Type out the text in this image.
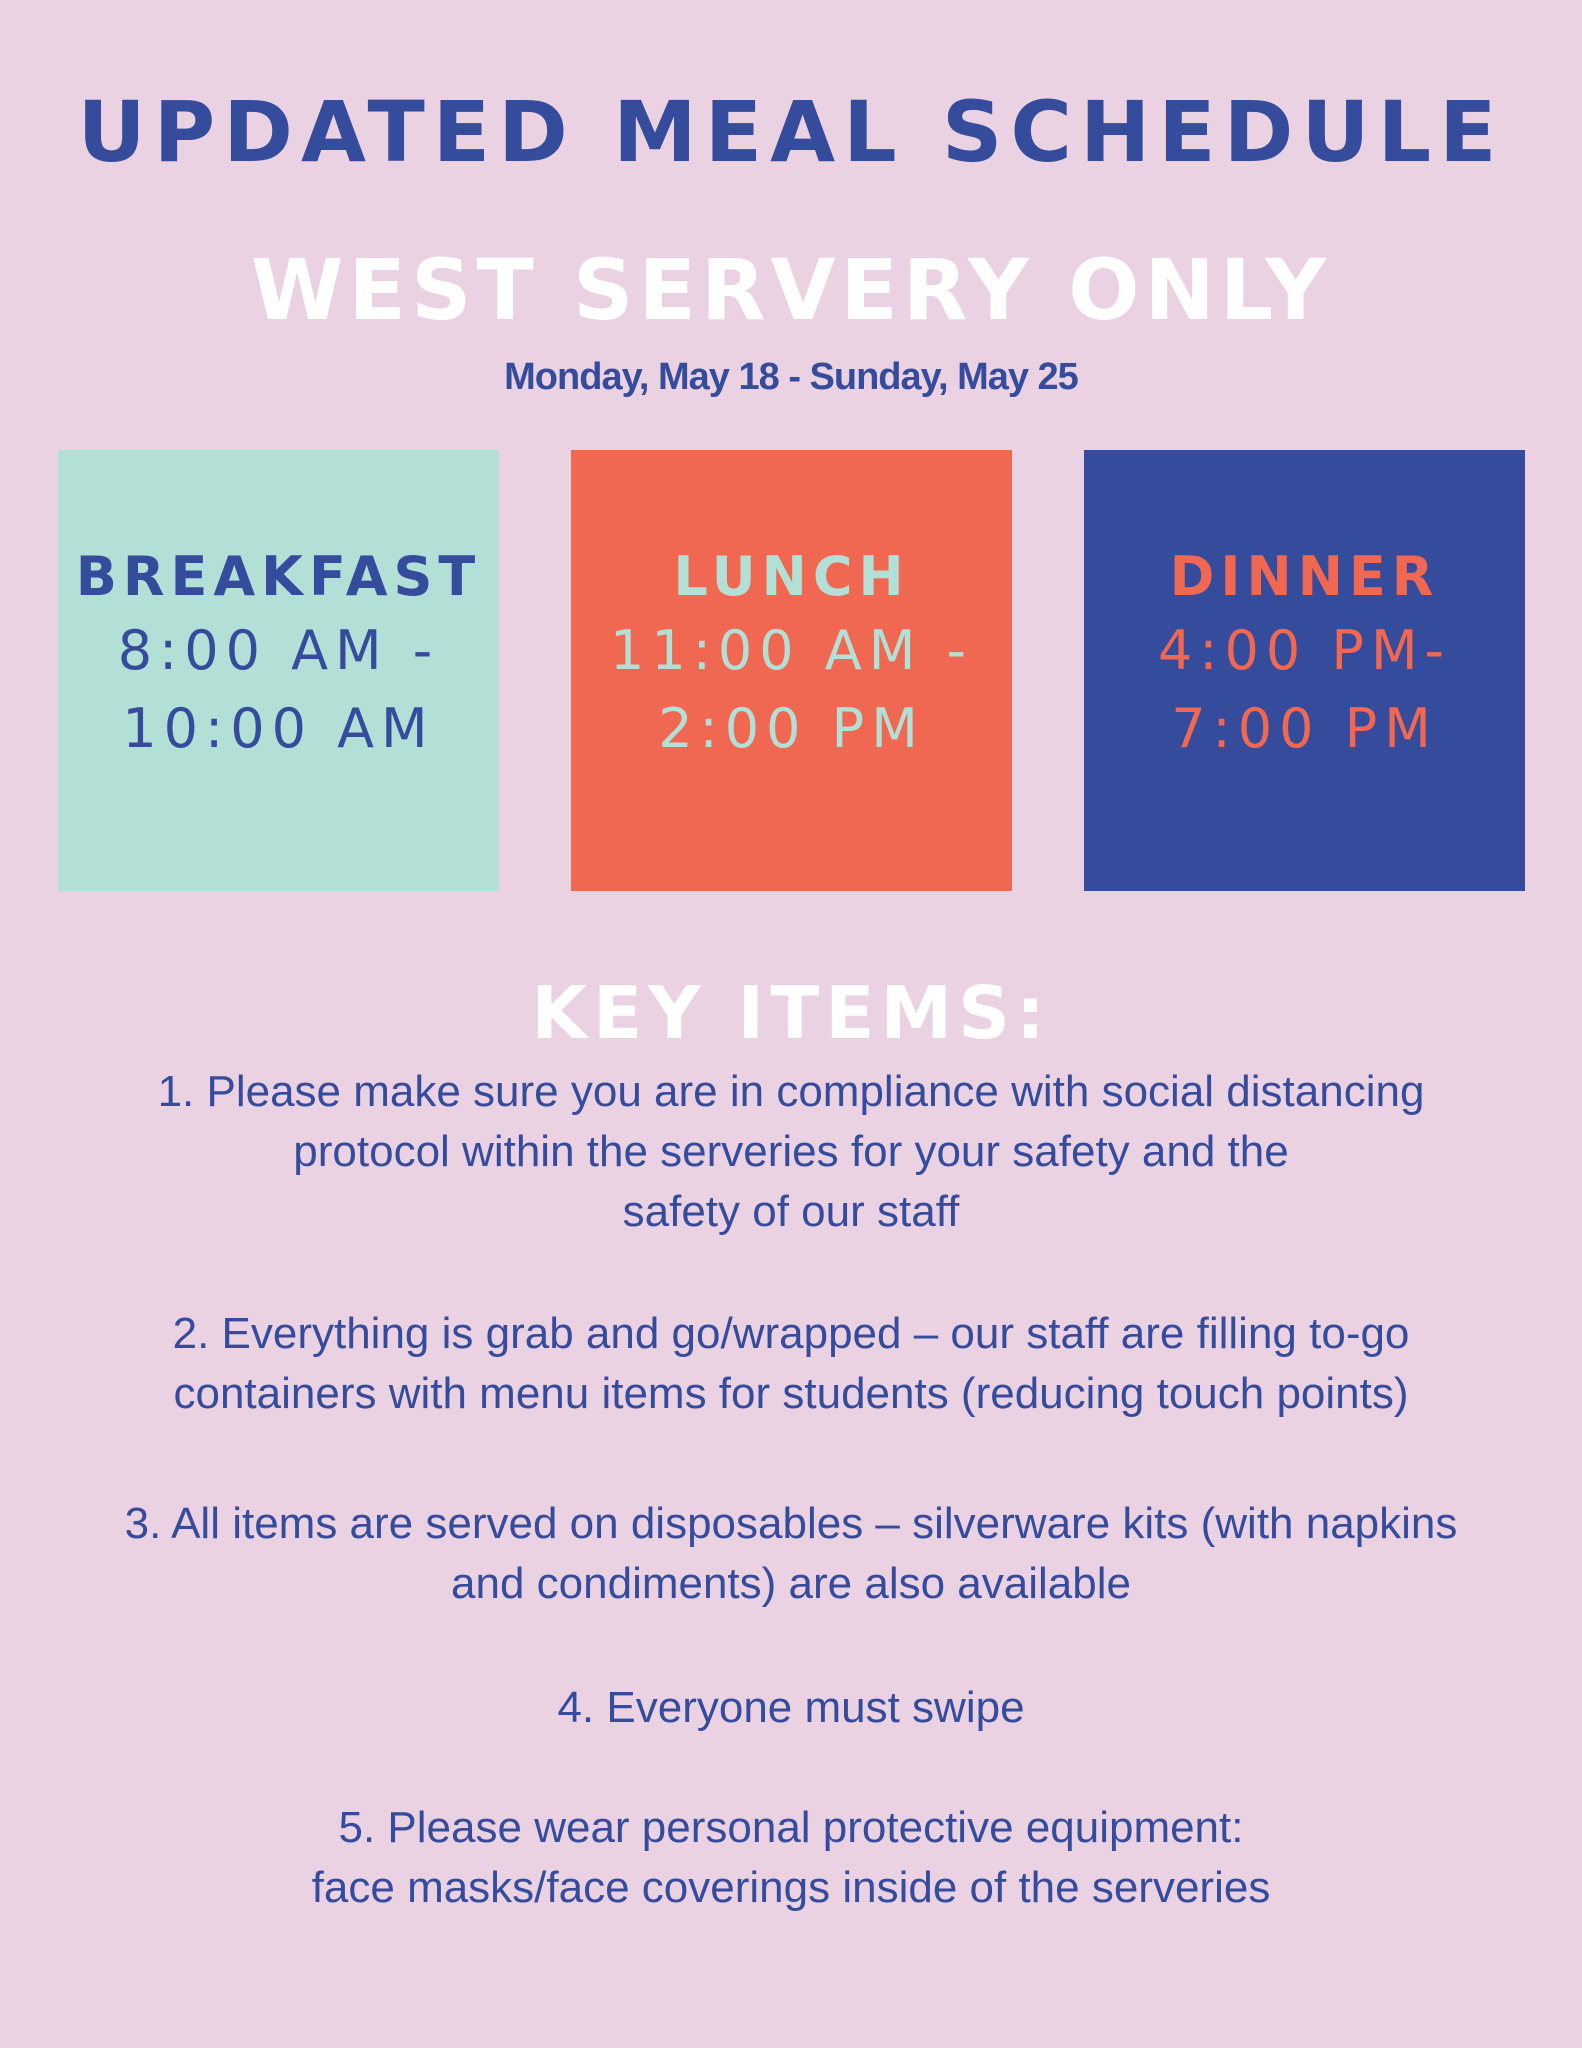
UPDATED MEAL SCHEDULE
WEST SERVERY ONLY
Monday, May 18 - Sunday, May 25
BREAKFAST
8:00 AM -
10:00 AM
LUNCH
11:00 AM -
2:00 PM
DINNER
4:00 PM-
7:00 PM
KEY ITEMS:

1. Please make sure you are in compliance with social distancing
protocol within the serveries for your safety and the
safety of our staff

2. Everything is grab and go/wrapped – our staff are filling to-go
containers with menu items for students (reducing touch points)

3. All items are served on disposables – silverware kits (with napkins
and condiments) are also available

4. Everyone must swipe

5. Please wear personal protective equipment:
face masks/face coverings inside of the serveries
